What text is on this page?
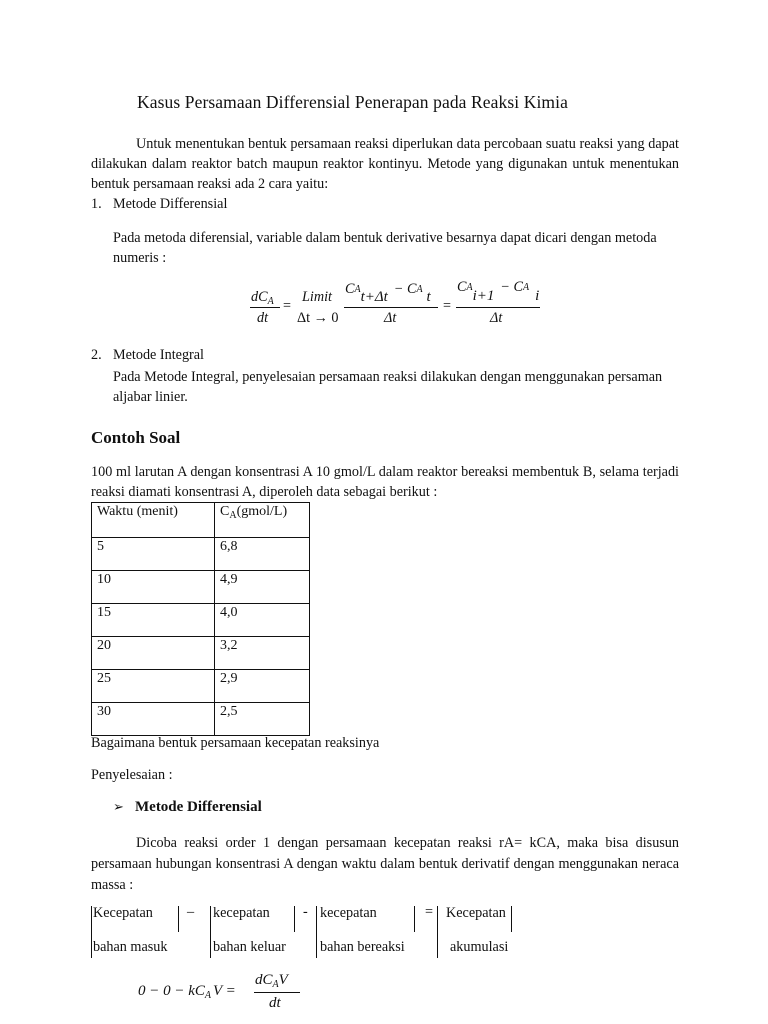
Kasus Persamaan Differensial Penerapan pada Reaksi Kimia
Untuk menentukan bentuk persamaan reaksi diperlukan data percobaan suatu reaksi yang dapat dilakukan dalam reaktor batch maupun reaktor kontinyu. Metode yang digunakan untuk menentukan bentuk persamaan reaksi ada 2 cara yaitu:
1. Metode Differensial
Pada metoda diferensial, variable dalam bentuk derivative besarnya dapat dicari dengan metoda numeris :
$dC_A$
dt
=
Limit
Δt → 0
CAt+Δt − CA t
Δt
=
CAi+1− CAi
Δt
2. Metode Integral
Pada Metode Integral, penyelesaian persamaan reaksi dilakukan dengan menggunakan persaman aljabar linier.
Contoh Soal
100 ml larutan A dengan konsentrasi A 10 gmol/L dalam reaktor bereaksi membentuk B, selama terjadi reaksi diamati konsentrasi A, diperoleh data sebagai berikut :
Waktu (menit)	$C_A(gmol/L)$
5	6,8
10	4,9
15	4,0
20	3,2
25	2,9
30	2,5
Bagaimana bentuk persamaan kecepatan reaksinya
Penyelesaian :
➢ Metode Differensial
Dicoba reaksi order 1 dengan persamaan kecepatan reaksi rA= kCA, maka bisa disusun persamaan hubungan konsentrasi A dengan waktu dalam bentuk derivatif dengan menggunakan neraca massa :
Kecepatan
bahan masuk
– kecepatan
bahan keluar
- kecepatan
bahan bereaksi
= Kecepatan
akumulasi
$0 - 0 - kC_A$ V =
$dC_AV$
dt
